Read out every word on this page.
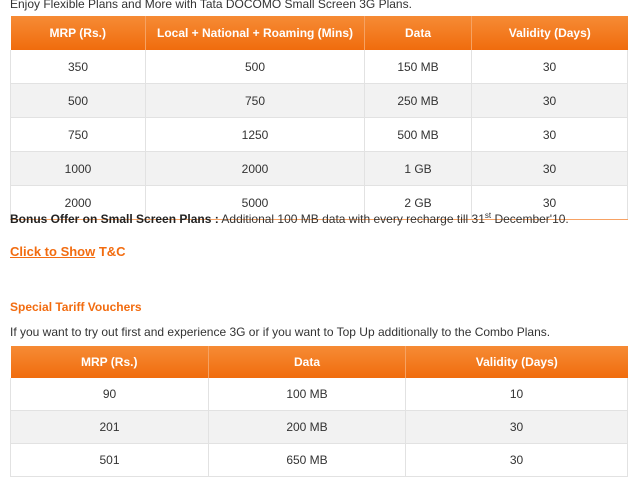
Enjoy Flexible Plans and More with Tata DOCOMO Small Screen 3G Plans.
MRP (Rs.)	Local + National + Roaming (Mins)	Data	Validity (Days)
350	500	150 MB	30
500	750	250 MB	30
750	1250	500 MB	30
1000	2000	1 GB	30
2000	5000	2 GB	30
Bonus Offer on Small Screen Plans : Additional 100 MB data with every recharge till 31st December'10.
Click to Show T&C
Special Tariff Vouchers
If you want to try out first and experience 3G or if you want to Top Up additionally to the Combo Plans.
MRP (Rs.)	Data	Validity (Days)
90	100 MB	10
201	200 MB	30
501	650 MB	30
